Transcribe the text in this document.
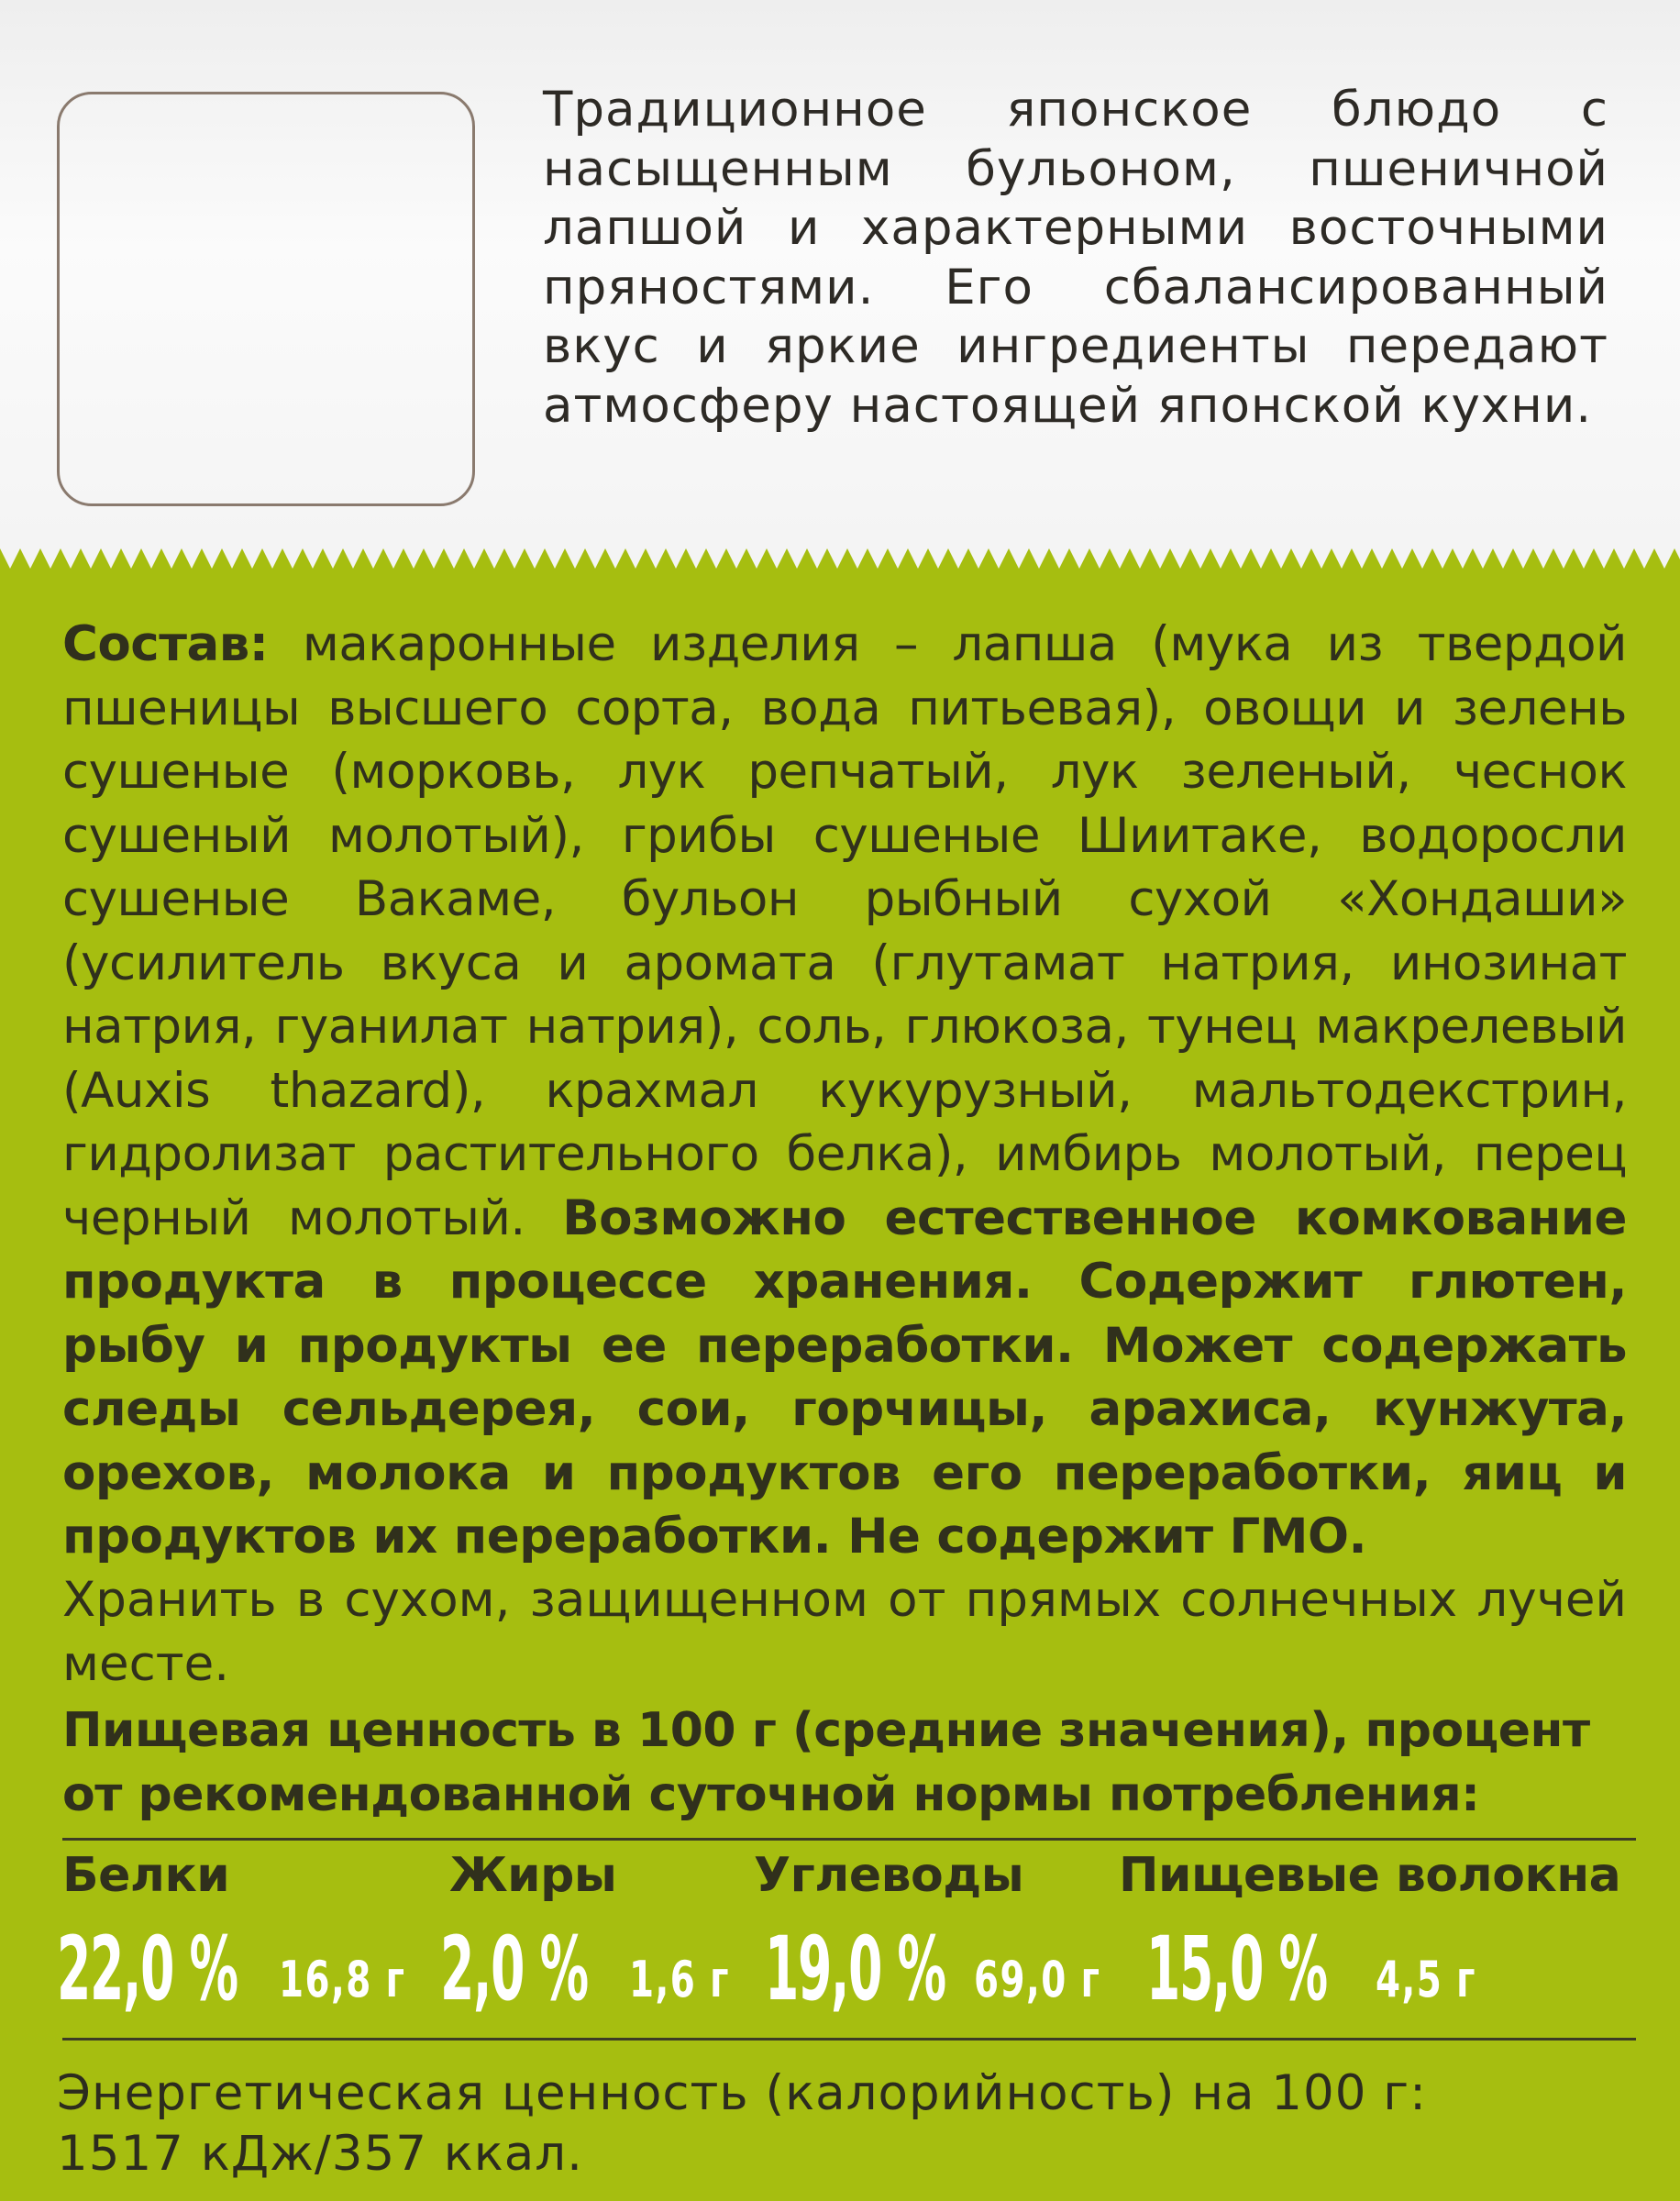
Традиционное японское блюдо с насыщенным бульоном, пшеничной лапшой и характерными восточными пряностями. Его сбалансированный вкус и яркие ингредиенты передают атмосферу настоящей японской кухни.
Состав: макаронные изделия – лапша (мука из твердой пшеницы высшего сорта, вода питьевая), овощи и зелень сушеные (морковь, лук репчатый, лук зеленый, чеснок сушеный молотый), грибы сушеные Шиитаке, водоросли сушеные Вакаме, бульон рыбный сухой «Хондаши» (усилитель вкуса и аромата (глутамат натрия, инозинат натрия, гуанилат натрия), соль, глюкоза, тунец макрелевый (Auxis thazard), крахмал кукурузный, мальтодекстрин, гидролизат растительного белка), имбирь молотый, перец черный молотый. Возможно естественное комкование продукта в процессе хранения. Содержит глютен, рыбу и продукты ее переработки. Может содержать следы сельдерея, сои, горчицы, арахиса, кунжута, орехов, молока и продуктов его переработки, яиц и продуктов их переработки. Не содержит ГМО.
Хранить в сухом, защищенном от прямых солнечных лучей месте.
Пищевая ценность в 100 г (средние значения), процент от рекомендованной суточной нормы потребления:
Белки	Жиры	Углеводы Пищевые волокна
22,0 % 16,8 г 2,0 % 1,6 г 19,0 % 69,0 г 15,0 % 4,5 г
Энергетическая ценность (калорийность) на 100 г:
1517 кДж/357 ккал.
